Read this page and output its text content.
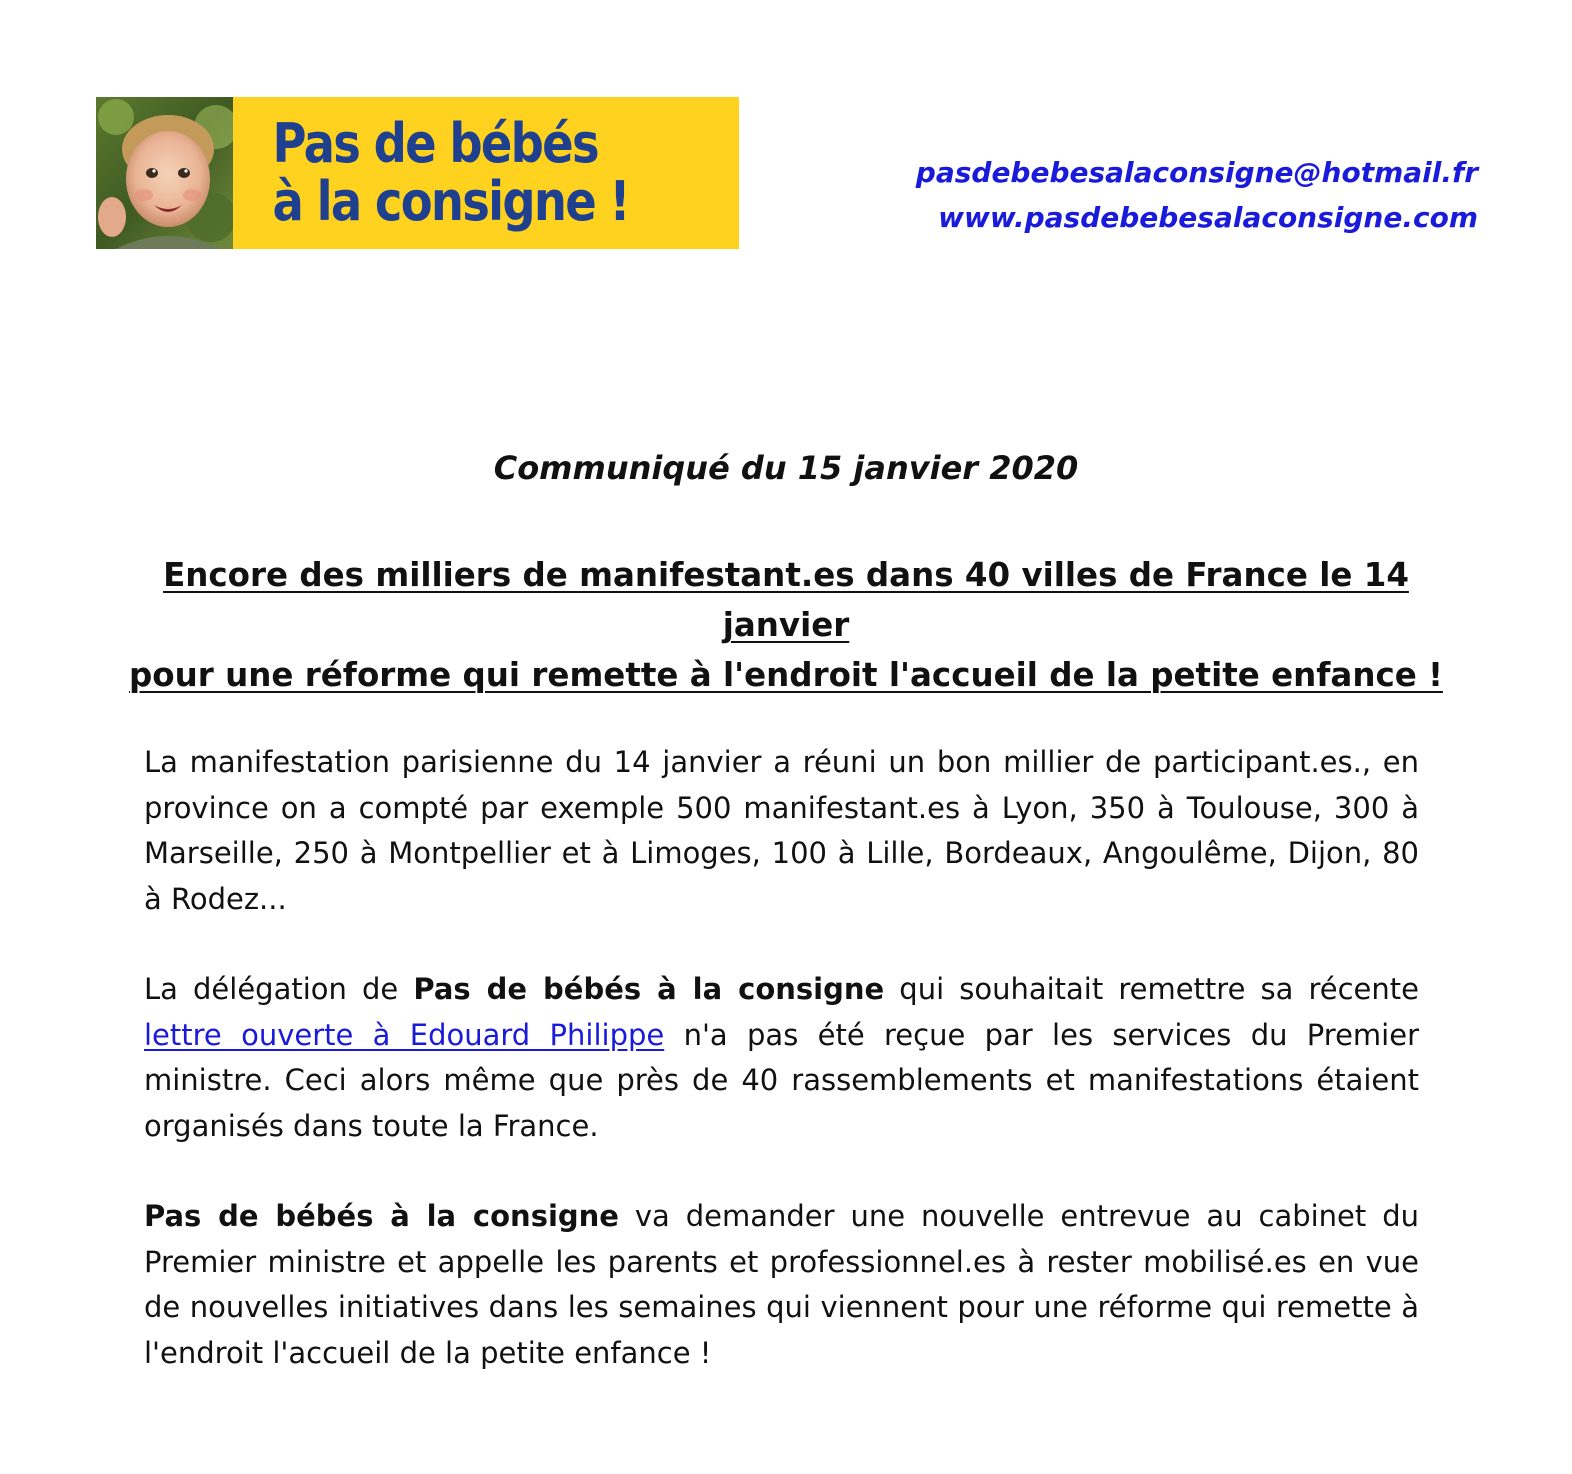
Pas de bébés
à la consigne !	pasdebebesalaconsigne@hotmail.fr
www.pasdebebesalaconsigne.com
Communiqué du 15 janvier 2020
Encore des milliers de manifestant.es dans 40 villes de France le 14 janvier
pour une réforme qui remette à l'endroit l'accueil de la petite enfance !

La manifestation parisienne du 14 janvier a réuni un bon millier de participant.es., en province on a compté par exemple 500 manifestant.es à Lyon, 350 à Toulouse, 300 à Marseille, 250 à Montpellier et à Limoges, 100 à Lille, Bordeaux, Angoulême, Dijon, 80 à Rodez...

La délégation de Pas de bébés à la consigne qui souhaitait remettre sa récente lettre ouverte à Edouard Philippe n'a pas été reçue par les services du Premier ministre. Ceci alors même que près de 40 rassemblements et manifestations étaient organisés dans toute la France.

Pas de bébés à la consigne va demander une nouvelle entrevue au cabinet du Premier ministre et appelle les parents et professionnel.es à rester mobilisé.es en vue de nouvelles initiatives dans les semaines qui viennent pour une réforme qui remette à l'endroit l'accueil de la petite enfance !
